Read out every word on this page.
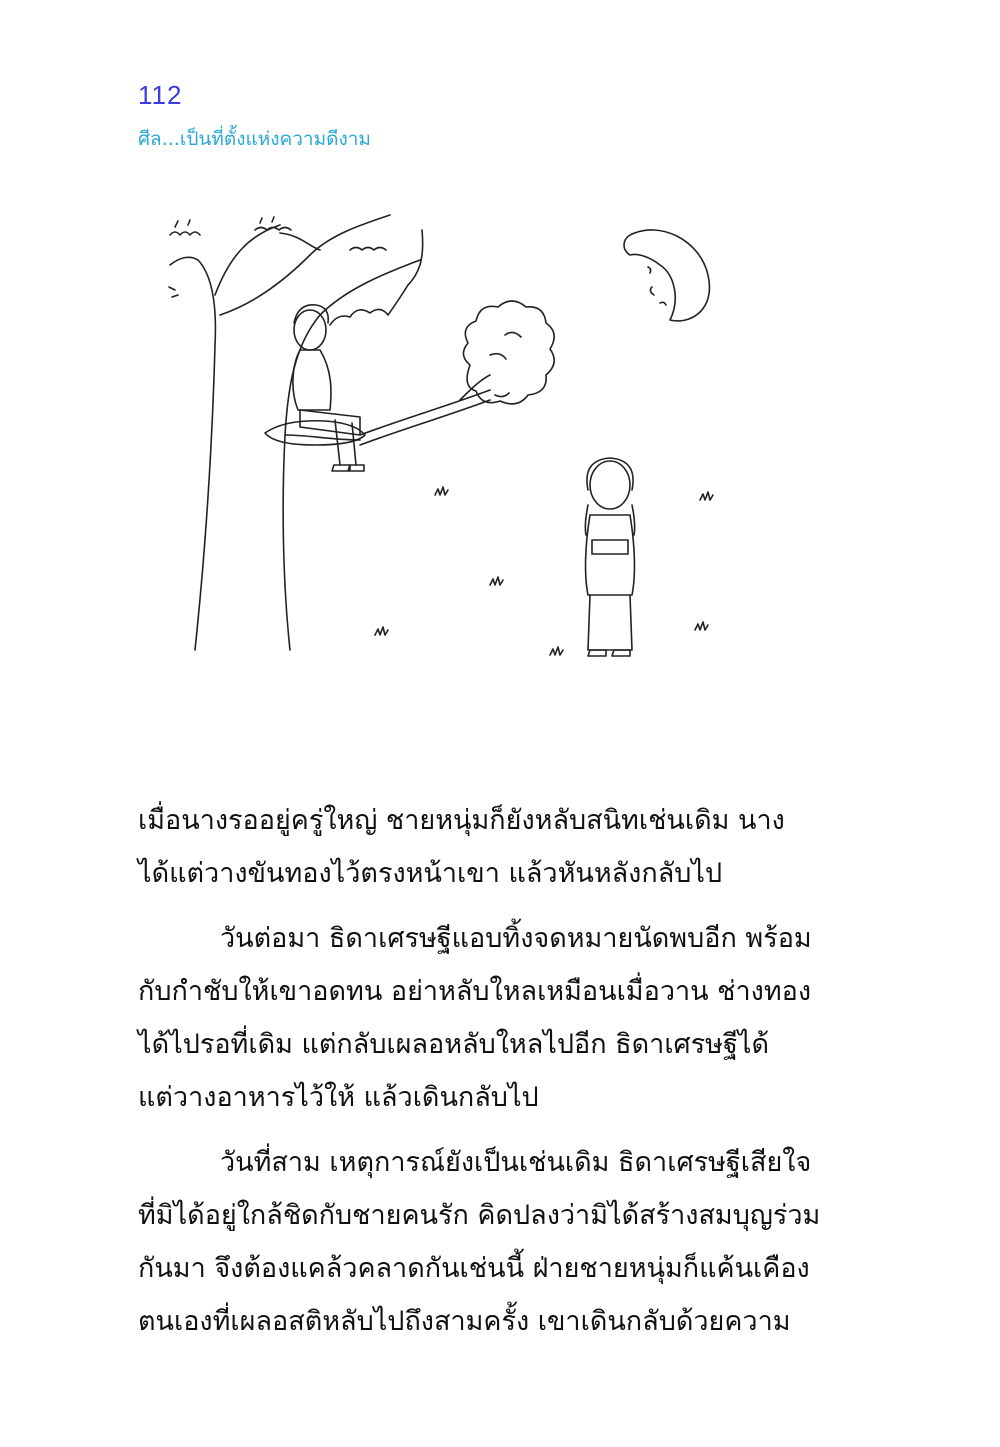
112
ศีล...เป็นที่ตั้งแห่งความดีงาม

เมื่อนางรออยู่ครู่ใหญ่ ชายหนุ่มก็ยังหลับสนิทเช่นเดิม นาง
ได้แต่วางขันทองไว้ตรงหน้าเขา แล้วหันหลังกลับไป

วันต่อมา ธิดาเศรษฐีแอบทิ้งจดหมายนัดพบอีก พร้อม
กับกำชับให้เขาอดทน อย่าหลับใหลเหมือนเมื่อวาน ช่างทอง
ได้ไปรอที่เดิม แต่กลับเผลอหลับใหลไปอีก ธิดาเศรษฐีได้
แต่วางอาหารไว้ให้ แล้วเดินกลับไป

วันที่สาม เหตุการณ์ยังเป็นเช่นเดิม ธิดาเศรษฐีเสียใจ
ที่มิได้อยู่ใกล้ชิดกับชายคนรัก คิดปลงว่ามิได้สร้างสมบุญร่วม
กันมา จึงต้องแคล้วคลาดกันเช่นนี้ ฝ่ายชายหนุ่มก็แค้นเคือง
ตนเองที่เผลอสติหลับไปถึงสามครั้ง เขาเดินกลับด้วยความ
